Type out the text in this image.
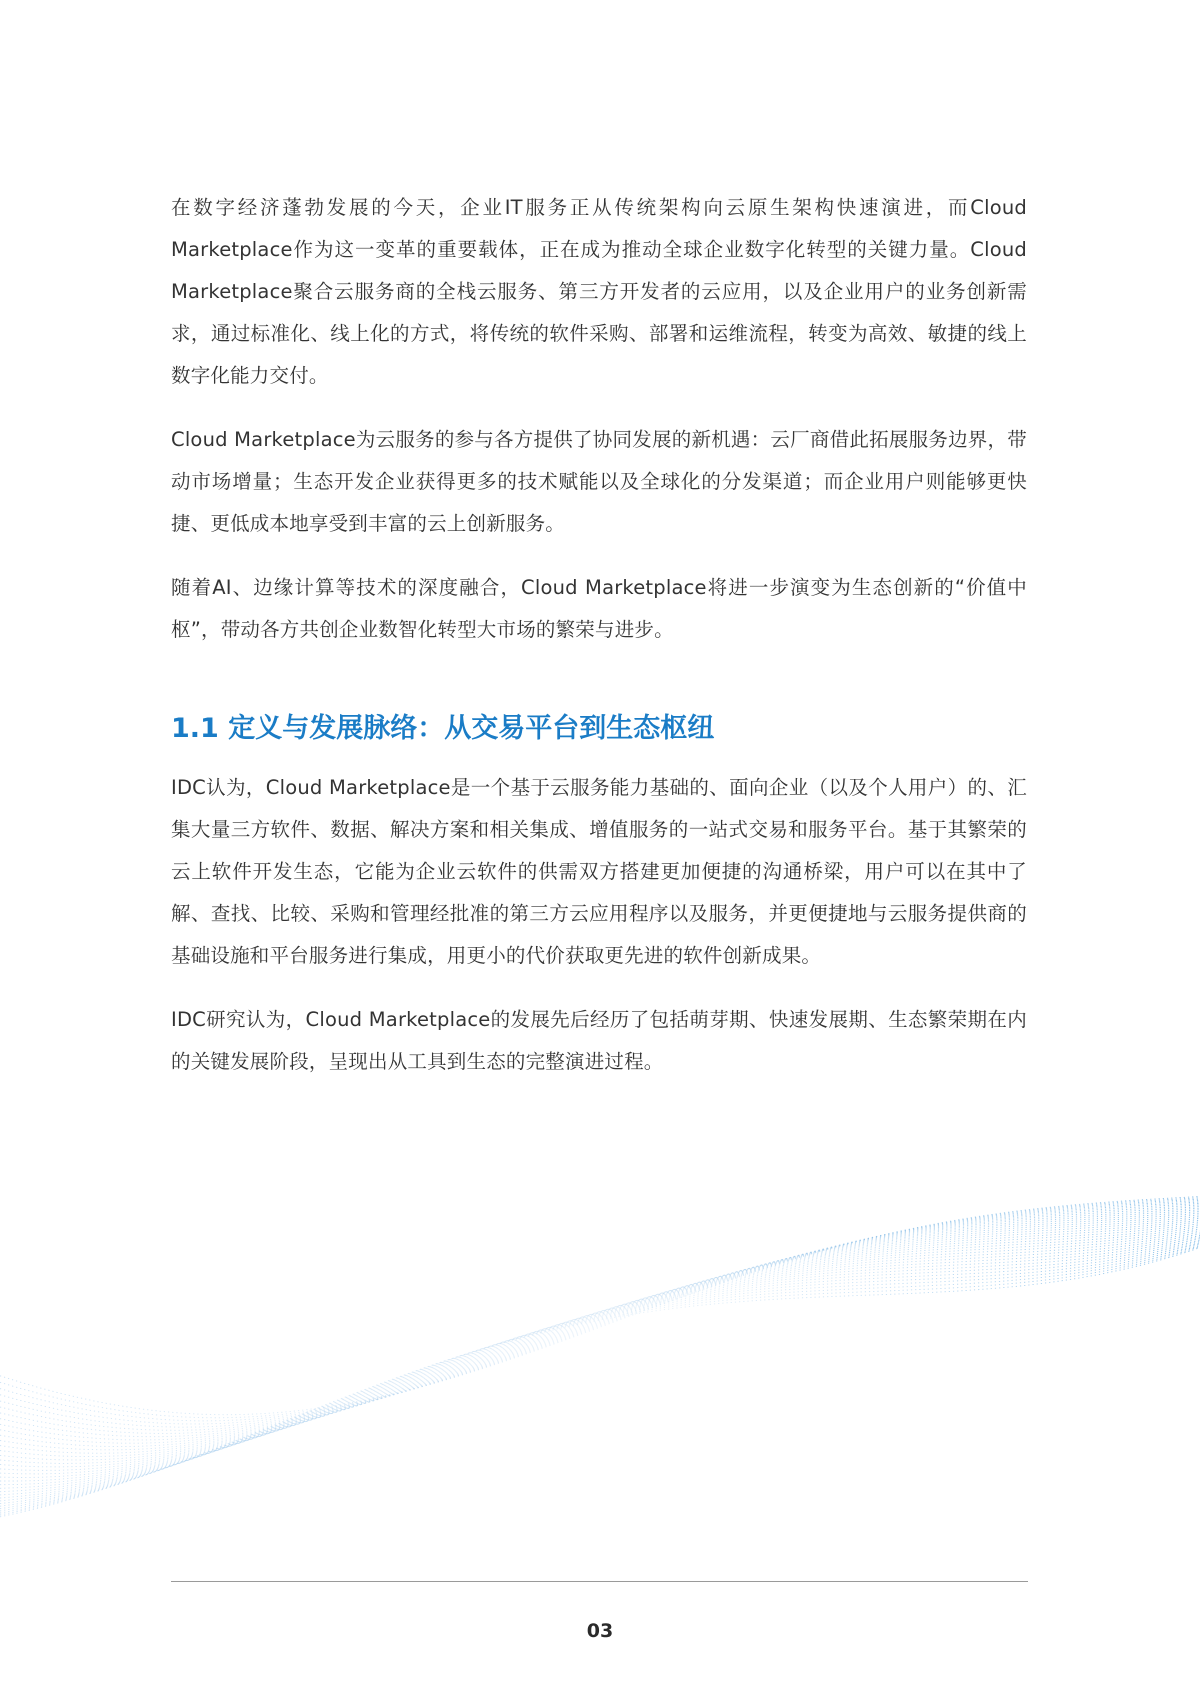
在数字经济蓬勃发展的今天，企业IT服务正从传统架构向云原生架构快速演进，而Cloud Marketplace作为这一变革的重要载体，正在成为推动全球企业数字化转型的关键力量。Cloud Marketplace聚合云服务商的全栈云服务、第三方开发者的云应用，以及企业用户的业务创新需求，通过标准化、线上化的方式，将传统的软件采购、部署和运维流程，转变为高效、敏捷的线上数字化能力交付。

Cloud Marketplace为云服务的参与各方提供了协同发展的新机遇：云厂商借此拓展服务边界，带动市场增量；生态开发企业获得更多的技术赋能以及全球化的分发渠道；而企业用户则能够更快捷、更低成本地享受到丰富的云上创新服务。

随着AI、边缘计算等技术的深度融合，Cloud Marketplace将进一步演变为生态创新的“价值中枢”，带动各方共创企业数智化转型大市场的繁荣与进步。

1.1 定义与发展脉络：从交易平台到生态枢纽

IDC认为，Cloud Marketplace是一个基于云服务能力基础的、面向企业（以及个人用户）的、汇集大量三方软件、数据、解决方案和相关集成、增值服务的一站式交易和服务平台。基于其繁荣的云上软件开发生态，它能为企业云软件的供需双方搭建更加便捷的沟通桥梁，用户可以在其中了解、查找、比较、采购和管理经批准的第三方云应用程序以及服务，并更便捷地与云服务提供商的基础设施和平台服务进行集成，用更小的代价获取更先进的软件创新成果。

IDC研究认为，Cloud Marketplace的发展先后经历了包括萌芽期、快速发展期、生态繁荣期在内的关键发展阶段，呈现出从工具到生态的完整演进过程。

03
